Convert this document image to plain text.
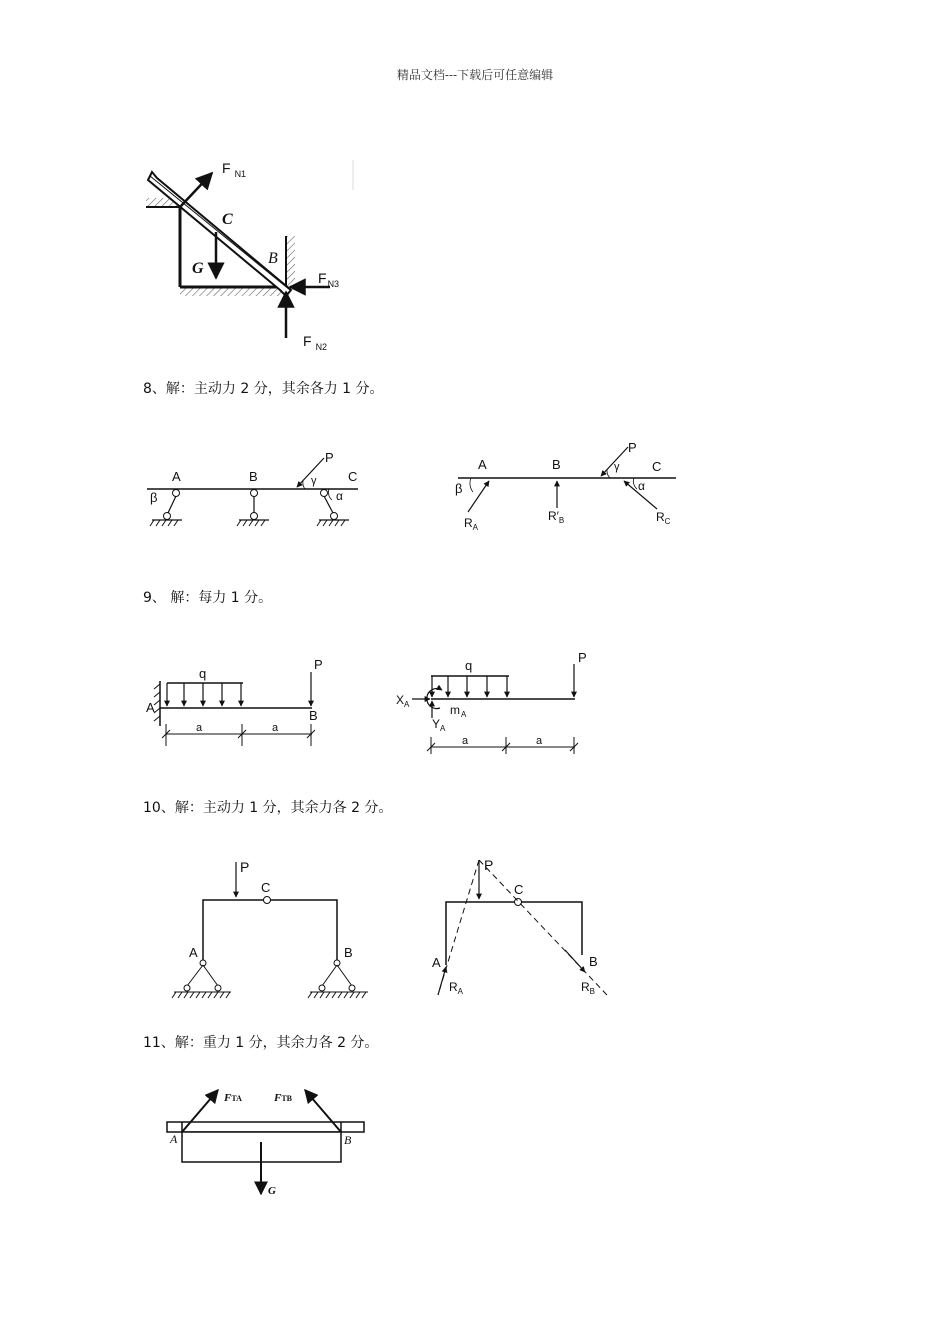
精品文档---下载后可任意编辑
F $_{N1}$
C
B
G
$F_{N3}$
F $_{N2}$
8、解：主动力 2 分，其余各力 1 分。
A	B	C
P
β
γ
α
A	B	C
P
β
γ
α
$R_A$
$R'_B$	$R_C$
9、 解：每力 1 分。
q
A
B
P
a	a
q
P
$X_A$
$Y_A$
$m_A$
a	a
10、解：主动力 1 分，其余力各 2 分。
P
C
A	B
P
C
A	B
$R_A$	$R_B$
11、解：重力 1 分，其余力各 2 分。
FTA	FTB
A	B
G
